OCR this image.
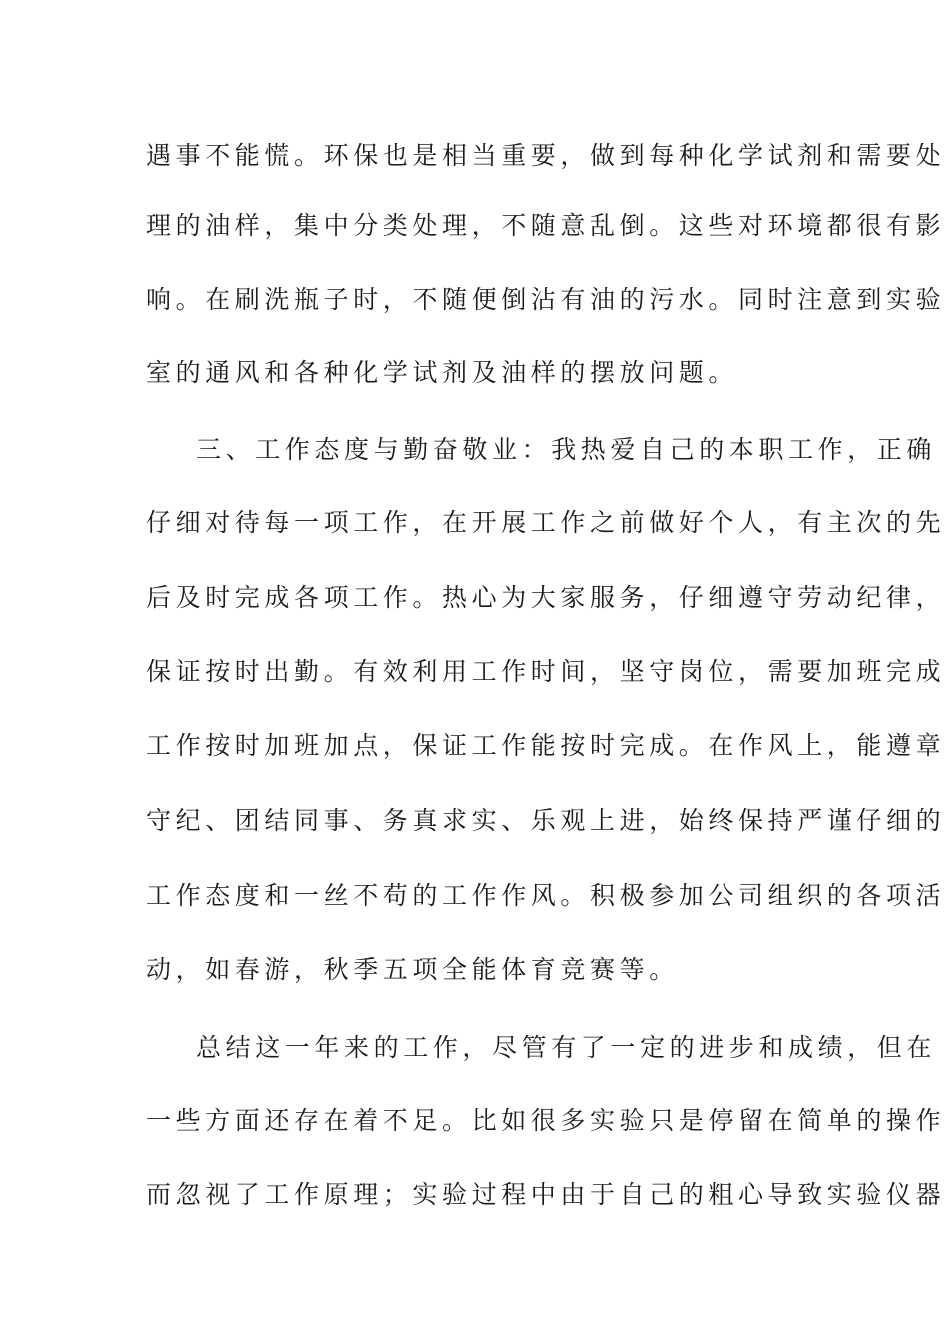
遇事不能慌。环保也是相当重要，做到每种化学试剂和需要处
理的油样，集中分类处理，不随意乱倒。这些对环境都很有影
响。在刷洗瓶子时，不随便倒沾有油的污水。同时注意到实验
室的通风和各种化学试剂及油样的摆放问题。
三、工作态度与勤奋敬业：我热爱自己的本职工作，正确
仔细对待每一项工作，在开展工作之前做好个人，有主次的先
后及时完成各项工作。热心为大家服务，仔细遵守劳动纪律，
保证按时出勤。有效利用工作时间，坚守岗位，需要加班完成
工作按时加班加点，保证工作能按时完成。在作风上，能遵章
守纪、团结同事、务真求实、乐观上进，始终保持严谨仔细的
工作态度和一丝不苟的工作作风。积极参加公司组织的各项活
动，如春游，秋季五项全能体育竞赛等。
总结这一年来的工作，尽管有了一定的进步和成绩，但在
一些方面还存在着不足。比如很多实验只是停留在简单的操作
而忽视了工作原理；实验过程中由于自己的粗心导致实验仪器
